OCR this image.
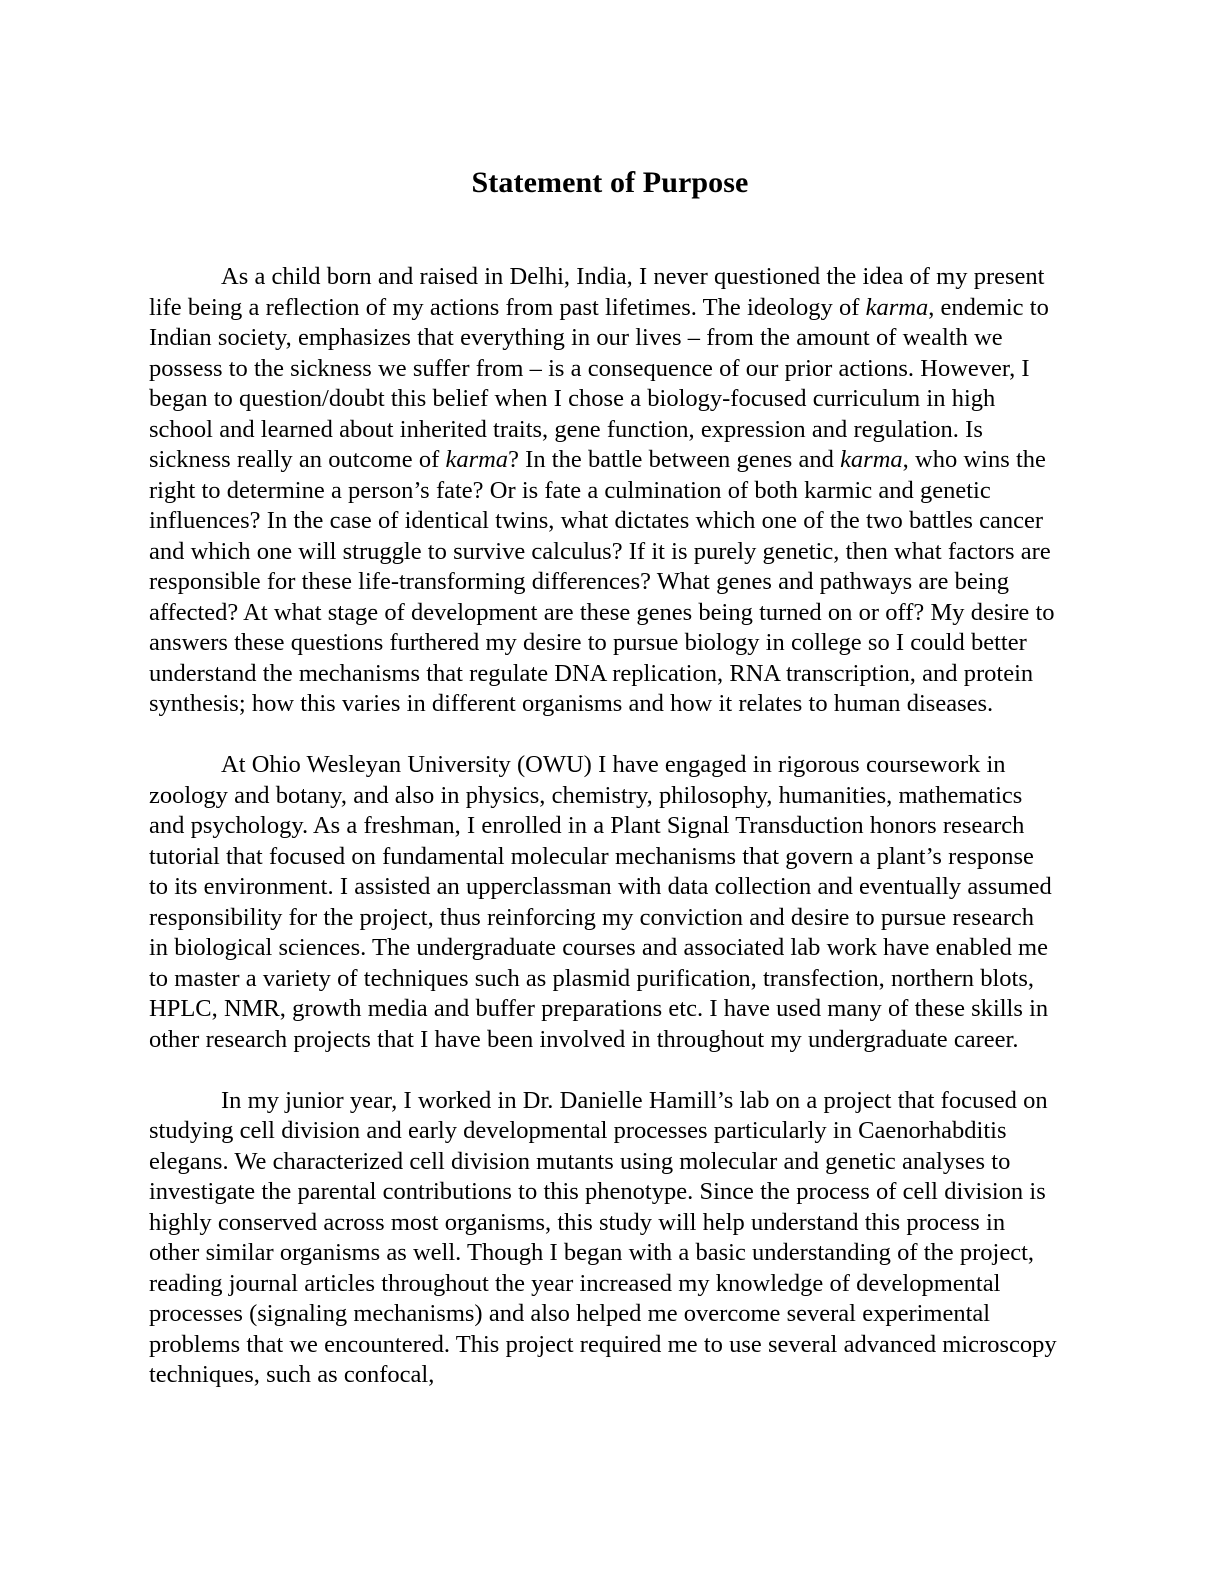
Statement of Purpose

As a child born and raised in Delhi, India, I never questioned the idea of my present life being a reflection of my actions from past lifetimes. The ideology of karma, endemic to Indian society, emphasizes that everything in our lives – from the amount of wealth we possess to the sickness we suffer from – is a consequence of our prior actions. However, I began to question/doubt this belief when I chose a biology-focused curriculum in high school and learned about inherited traits, gene function, expression and regulation. Is sickness really an outcome of karma? In the battle between genes and karma, who wins the right to determine a person’s fate? Or is fate a culmination of both karmic and genetic influences? In the case of identical twins, what dictates which one of the two battles cancer and which one will struggle to survive calculus? If it is purely genetic, then what factors are responsible for these life-transforming differences? What genes and pathways are being affected? At what stage of development are these genes being turned on or off? My desire to answers these questions furthered my desire to pursue biology in college so I could better understand the mechanisms that regulate DNA replication, RNA transcription, and protein synthesis; how this varies in different organisms and how it relates to human diseases.

At Ohio Wesleyan University (OWU) I have engaged in rigorous coursework in zoology and botany, and also in physics, chemistry, philosophy, humanities, mathematics and psychology. As a freshman, I enrolled in a Plant Signal Transduction honors research tutorial that focused on fundamental molecular mechanisms that govern a plant’s response to its environment. I assisted an upperclassman with data collection and eventually assumed responsibility for the project, thus reinforcing my conviction and desire to pursue research in biological sciences. The undergraduate courses and associated lab work have enabled me to master a variety of techniques such as plasmid purification, transfection, northern blots, HPLC, NMR, growth media and buffer preparations etc. I have used many of these skills in other research projects that I have been involved in throughout my undergraduate career.

In my junior year, I worked in Dr. Danielle Hamill’s lab on a project that focused on studying cell division and early developmental processes particularly in Caenorhabditis elegans. We characterized cell division mutants using molecular and genetic analyses to investigate the parental contributions to this phenotype. Since the process of cell division is highly conserved across most organisms, this study will help understand this process in other similar organisms as well. Though I began with a basic understanding of the project, reading journal articles throughout the year increased my knowledge of developmental processes (signaling mechanisms) and also helped me overcome several experimental problems that we encountered. This project required me to use several advanced microscopy techniques, such as confocal,
